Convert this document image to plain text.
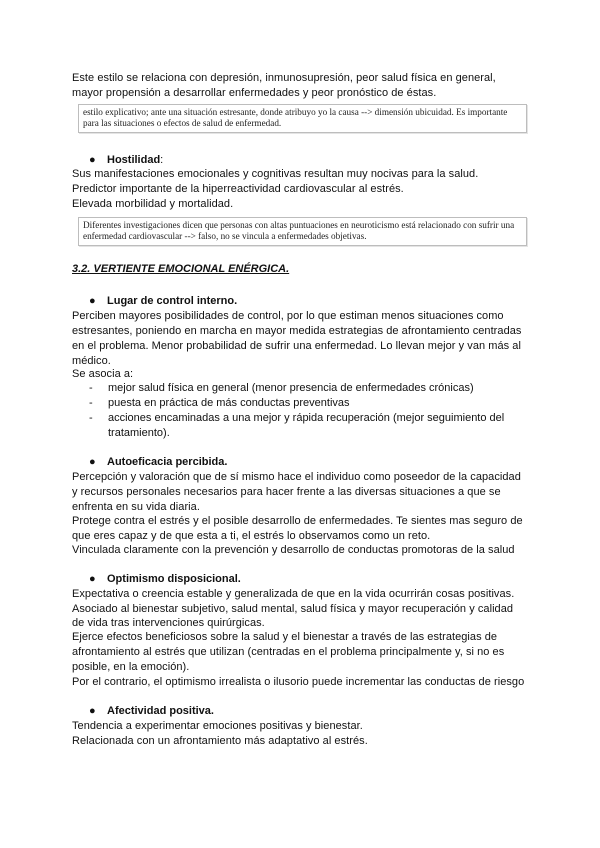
Este estilo se relaciona con depresión, inmunosupresión, peor salud física en general,
mayor propensión a desarrollar enfermedades y peor pronóstico de éstas.
estilo explicativo; ante una situación estresante, donde atribuyo yo la causa --> dimensión ubicuidad. Es importante
para las situaciones o efectos de salud de enfermedad.
● Hostilidad:
Sus manifestaciones emocionales y cognitivas resultan muy nocivas para la salud.
Predictor importante de la hiperreactividad cardiovascular al estrés.
Elevada morbilidad y mortalidad.
Diferentes investigaciones dicen que personas con altas puntuaciones en neuroticismo está relacionado con sufrir una
enfermedad cardiovascular --> falso, no se vincula a enfermedades objetivas.
3.2. VERTIENTE EMOCIONAL ENÉRGICA.
● Lugar de control interno.
Perciben mayores posibilidades de control, por lo que estiman menos situaciones como
estresantes, poniendo en marcha en mayor medida estrategias de afrontamiento centradas
en el problema. Menor probabilidad de sufrir una enfermedad. Lo llevan mejor y van más al
médico.
Se asocia a:
- mejor salud física en general (menor presencia de enfermedades crónicas)
- puesta en práctica de más conductas preventivas
- acciones encaminadas a una mejor y rápida recuperación (mejor seguimiento del
tratamiento).
● Autoeficacia percibida.
Percepción y valoración que de sí mismo hace el individuo como poseedor de la capacidad
y recursos personales necesarios para hacer frente a las diversas situaciones a que se
enfrenta en su vida diaria.
Protege contra el estrés y el posible desarrollo de enfermedades. Te sientes mas seguro de
que eres capaz y de que esta a ti, el estrés lo observamos como un reto.
Vinculada claramente con la prevención y desarrollo de conductas promotoras de la salud
● Optimismo disposicional.
Expectativa o creencia estable y generalizada de que en la vida ocurrirán cosas positivas.
Asociado al bienestar subjetivo, salud mental, salud física y mayor recuperación y calidad
de vida tras intervenciones quirúrgicas.
Ejerce efectos beneficiosos sobre la salud y el bienestar a través de las estrategias de
afrontamiento al estrés que utilizan (centradas en el problema principalmente y, si no es
posible, en la emoción).
Por el contrario, el optimismo irrealista o ilusorio puede incrementar las conductas de riesgo
● Afectividad positiva.
Tendencia a experimentar emociones positivas y bienestar.
Relacionada con un afrontamiento más adaptativo al estrés.
